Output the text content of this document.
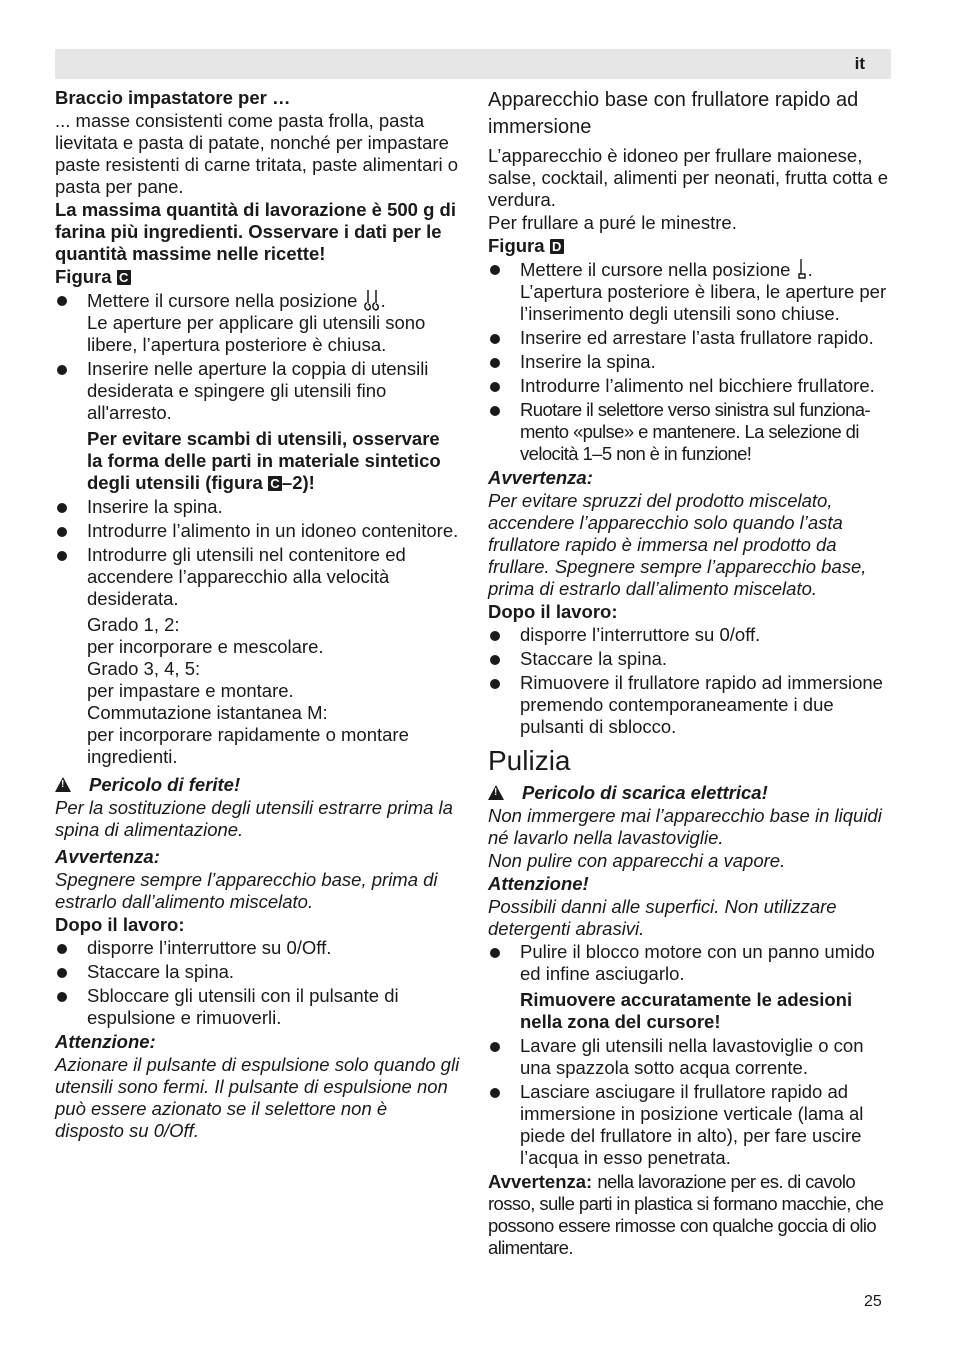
it

Braccio impastatore per …

... masse consistenti come pasta frolla, pasta lievitata e pasta di patate, nonché per impastare paste resistenti di carne tritata, paste alimentari o pasta per pane.

La massima quantità di lavorazione è 500 g di farina più ingredienti. Osservare i dati per le quantità massime nelle ricette!

Figura C

Mettere il cursore nella posizione .
Le aperture per applicare gli utensili sono libere, l’apertura posteriore è chiusa.
Inserire nelle aperture la coppia di utensili desiderata e spingere gli utensili fino all'arresto.
Per evitare scambi di utensili, osservare la forma delle parti in materiale sintetico degli utensili (figura C –2)!
Inserire la spina.
Introdurre l’alimento in un idoneo contenitore.
Introdurre gli utensili nel contenitore ed accendere l’apparecchio alla velocità desiderata.
Grado 1, 2:
per incorporare e mescolare.
Grado 3, 4, 5:
per impastare e montare.
Commutazione istantanea M:
per incorporare rapidamente o montare ingredienti.

!Pericolo di ferite!

Per la sostituzione degli utensili estrarre prima la spina di alimentazione.

Avvertenza:

Spegnere sempre l’apparecchio base, prima di estrarlo dall’alimento miscelato.

Dopo il lavoro:

disporre l’interruttore su 0/Off.
Staccare la spina.
Sbloccare gli utensili con il pulsante di espulsione e rimuoverli.

Attenzione:

Azionare il pulsante di espulsione solo quando gli utensili sono fermi. Il pulsante di espulsione non può essere azionato se il selettore non è disposto su 0/Off.

Apparecchio base con frullatore rapido ad immersione

L’apparecchio è idoneo per frullare maionese, salse, cocktail, alimenti per neonati, frutta cotta e verdura.

Per frullare a puré le minestre.

Figura D

Mettere il cursore nella posizione .
L’apertura posteriore è libera, le aperture per l’inserimento degli utensili sono chiuse.
Inserire ed arrestare l’asta frullatore rapido.
Inserire la spina.
Introdurre l’alimento nel bicchiere frullatore.
Ruotare il selettore verso sinistra sul funzionamento «pulse» e mantenere. La selezione di velocità 1–5 non è in funzione!

Avvertenza:

Per evitare spruzzi del prodotto miscelato, accendere l’apparecchio solo quando l’asta frullatore rapido è immersa nel prodotto da frullare. Spegnere sempre l’apparecchio base, prima di estrarlo dall’alimento miscelato.

Dopo il lavoro:

disporre l’interruttore su 0/off.
Staccare la spina.
Rimuovere il frullatore rapido ad immersione premendo contemporaneamente i due pulsanti di sblocco.

Pulizia

!Pericolo di scarica elettrica!

Non immergere mai l’apparecchio base in liquidi né lavarlo nella lavastoviglie.

Non pulire con apparecchi a vapore.

Attenzione!

Possibili danni alle superfici. Non utilizzare detergenti abrasivi.

Pulire il blocco motore con un panno umido ed infine asciugarlo.
Rimuovere accuratamente le adesioni nella zona del cursore!
Lavare gli utensili nella lavastoviglie o con una spazzola sotto acqua corrente.
Lasciare asciugare il frullatore rapido ad immersione in posizione verticale (lama al piede del frullatore in alto), per fare uscire l’acqua in esso penetrata.

Avvertenza: nella lavorazione per es. di cavolo rosso, sulle parti in plastica si formano macchie, che possono essere rimosse con qualche goccia di olio alimentare.

25
